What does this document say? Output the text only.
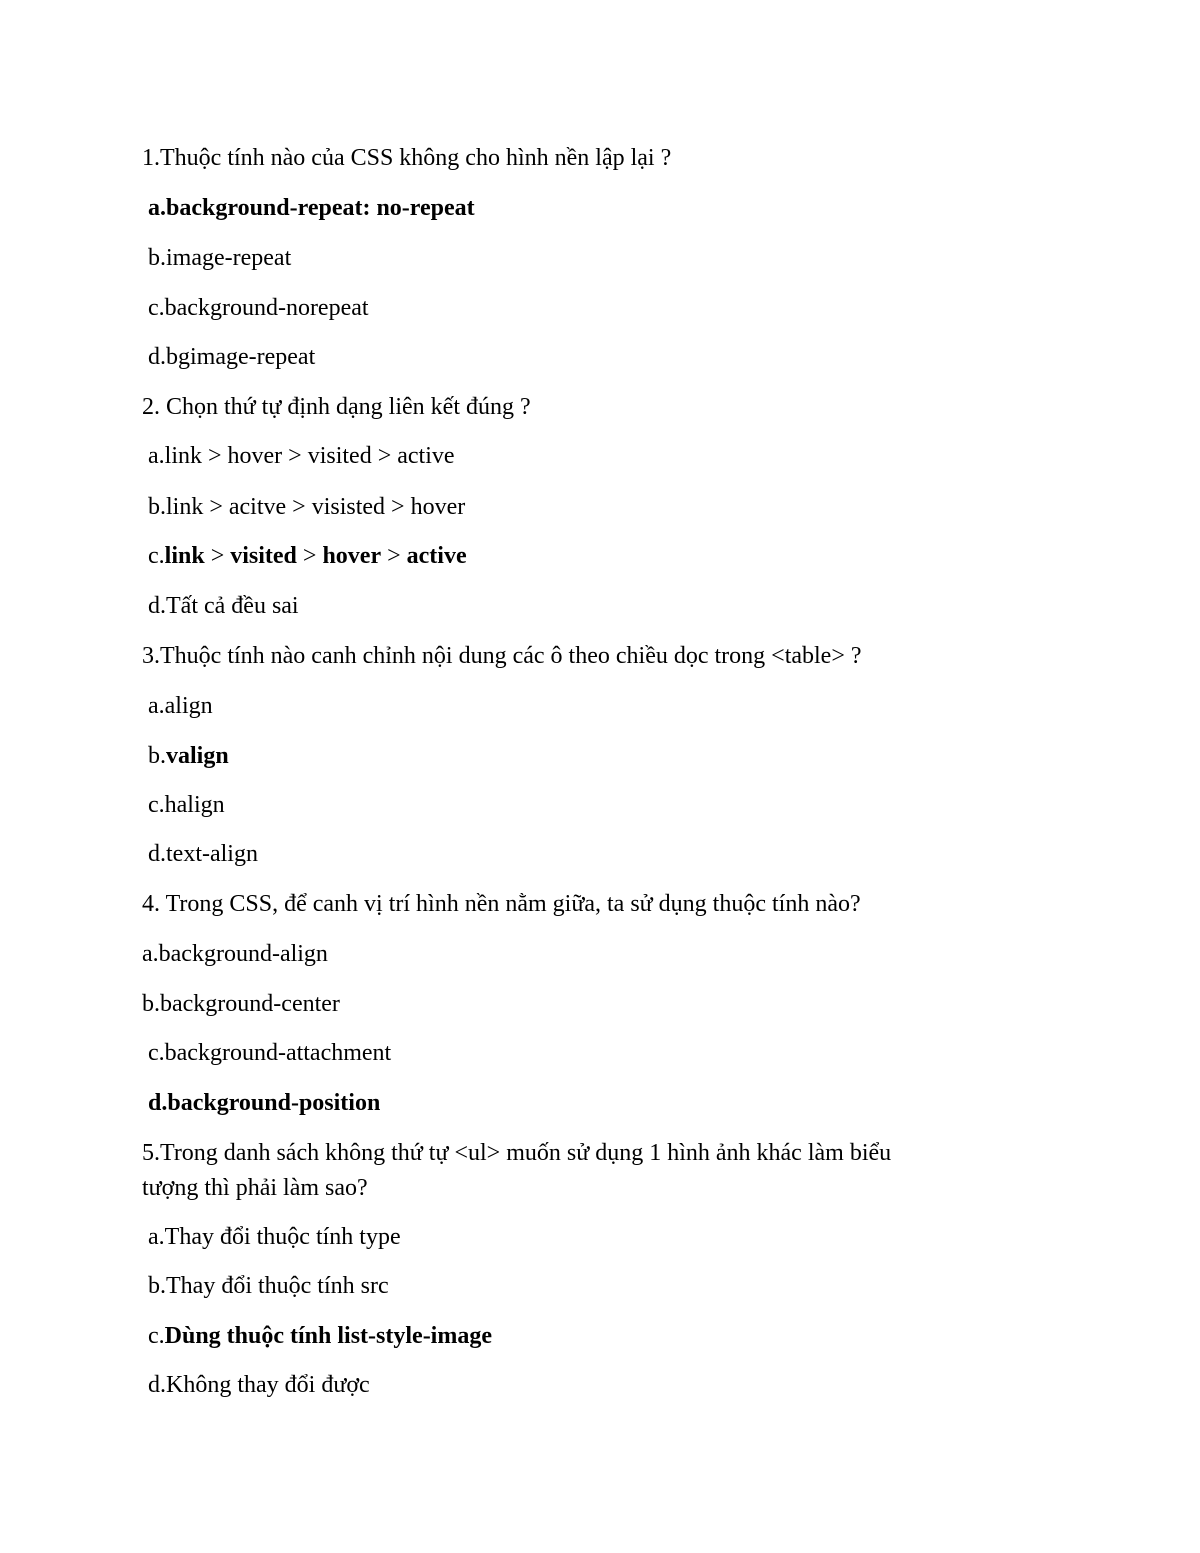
1.Thuộc tính nào của CSS không cho hình nền lập lại ?
a.background-repeat: no-repeat
b.image-repeat
c.background-norepeat
d.bgimage-repeat
2. Chọn thứ tự định dạng liên kết đúng ?
a.link > hover > visited > active
b.link > acitve > visisted > hover
c.link > visited > hover > active
d.Tất cả đều sai
3.Thuộc tính nào canh chỉnh nội dung các ô theo chiều dọc trong <table> ?
a.align
b.valign
c.halign
d.text-align
4. Trong CSS, để canh vị trí hình nền nằm giữa, ta sử dụng thuộc tính nào?
a.background-align
b.background-center
c.background-attachment
d.background-position
5.Trong danh sách không thứ tự <ul> muốn sử dụng 1 hình ảnh khác làm biểu
tượng thì phải làm sao?
a.Thay đổi thuộc tính type
b.Thay đổi thuộc tính src
c.Dùng thuộc tính list-style-image
d.Không thay đổi được
